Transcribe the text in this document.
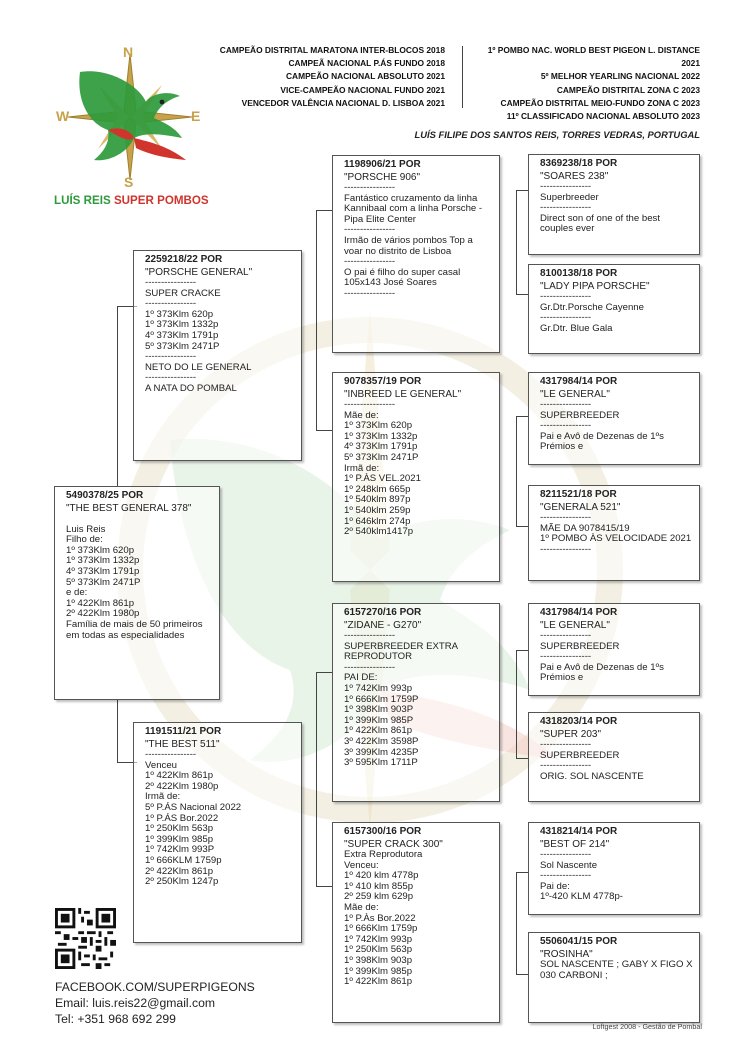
N
S
W	E
LUÍS REIS SUPER POMBOS
CAMPEÃO DISTRITAL MARATONA INTER-BLOCOS 2018
CAMPEÃ NACIONAL P.ÁS FUNDO 2018
CAMPEÃO NACIONAL ABSOLUTO 2021
VICE-CAMPEÃO NACIONAL FUNDO 2021
VENCEDOR VALÊNCIA NACIONAL D. LISBOA 2021
1º POMBO NAC. WORLD BEST PIGEON L. DISTANCE 2021
5º MELHOR YEARLING NACIONAL 2022
CAMPEÃO DISTRITAL ZONA C 2023
CAMPEÃO DISTRITAL MEIO-FUNDO ZONA C 2023
11º CLASSIFICADO NACIONAL ABSOLUTO 2023
LUÍS FILIPE DOS SANTOS REIS, TORRES VEDRAS, PORTUGAL
5490378/25 POR
"THE BEST GENERAL 378"
Luis Reis
Filho de:
1º 373Klm 620p
1º 373Klm 1332p
4º 373Klm 1791p
5º 373Klm 2471P
e de:
1º 422Klm 861p
2º 422Klm 1980p
Família de mais de 50 primeiros em todas as especialidades
2259218/22 POR
"PORSCHE GENERAL"
----------------
SUPER CRACKE
----------------
1º 373Klm 620p
1º 373Klm 1332p
4º 373Klm 1791p
5º 373Klm 2471P
----------------
NETO DO LE GENERAL
----------------
A NATA DO POMBAL
1191511/21 POR
"THE BEST 511"
----------------
Venceu
1º 422Klm 861p
2º 422Klm 1980p
Irmã de:
5º P.ÁS Nacional 2022
1º P.ÁS Bor.2022
1º 250Klm 563p
1º 399Klm 985p
1º 742Klm 993P
1º 666KLM 1759p
2º 422Klm 861p
2º 250Klm 1247p
1198906/21 POR
"PORSCHE 906"
----------------
Fantástico cruzamento da linha Kannibaal com a linha Porsche -Pipa Elite Center
----------------
Irmão de vários pombos Top a voar no distrito de Lisboa
----------------
O pai é filho do super casal 105x143 José Soares
----------------
9078357/19 POR
"INBREED LE GENERAL"
----------------
Mãe de:
1º 373Klm 620p
1º 373Klm 1332p
4º 373Klm 1791p
5º 373Klm 2471P
Irmã de:
1º P.ÀS VEL.2021
1º 248klm 665p
1º 540klm 897p
1º 540klm 259p
1º 646klm 274p
2º 540klm1417p
6157270/16 POR
"ZIDANE - G270"
----------------
SUPERBREEDER EXTRA REPRODUTOR
----------------
PAI DE:
1º 742Klm 993p
1º 666Klm 1759P
1º 398Klm 903P
1º 399Klm 985P
1º 422Klm 861p
3º 422Klm 3598P
3º 399Klm 4235P
3º 595Klm 1711P
6157300/16 POR
"SUPER CRACK 300"
Extra Reprodutora
Venceu:
1º 420 klm 4778p
1º 410 klm 855p
2º 259 klm 629p
Mãe de:
1º P.Às Bor.2022
1º 666Klm 1759p
1º 742Klm 993p
1º 250Klm 563p
1º 398Klm 903p
1º 399Klm 985p
1º 422Klm 861p
8369238/18 POR
"SOARES 238"
----------------
Superbreeder
----------------
Direct son of one of the best couples ever
8100138/18 POR
"LADY PIPA PORSCHE"
----------------
Gr.Dtr.Porsche Cayenne
----------------
Gr.Dtr. Blue Gala
4317984/14 POR
"LE GENERAL"
----------------
SUPERBREEDER
----------------
Pai e Avô de Dezenas de 1ºs Prémios e
8211521/18 POR
"GENERALA 521"
----------------
MÃE DA 9078415/19
1º POMBO ÀS VELOCIDADE 2021
----------------
4317984/14 POR
"LE GENERAL"
----------------
SUPERBREEDER
----------------
Pai e Avô de Dezenas de 1ºs Prémios e
4318203/14 POR
"SUPER 203"
----------------
SUPERBREEDER
----------------
ORIG. SOL NASCENTE
4318214/14 POR
"BEST OF 214"
----------------
Sol Nascente
----------------
Pai de:
1º-420 KLM 4778p-
5506041/15 POR
"ROSINHA"
SOL NASCENTE ; GABY X FIGO X 030 CARBONI ;
FACEBOOK.COM/SUPERPIGEONS
Email: luis.reis22@gmail.com
Tel: +351 968 692 299
Loftgest 2008 - Gestão de Pombal
